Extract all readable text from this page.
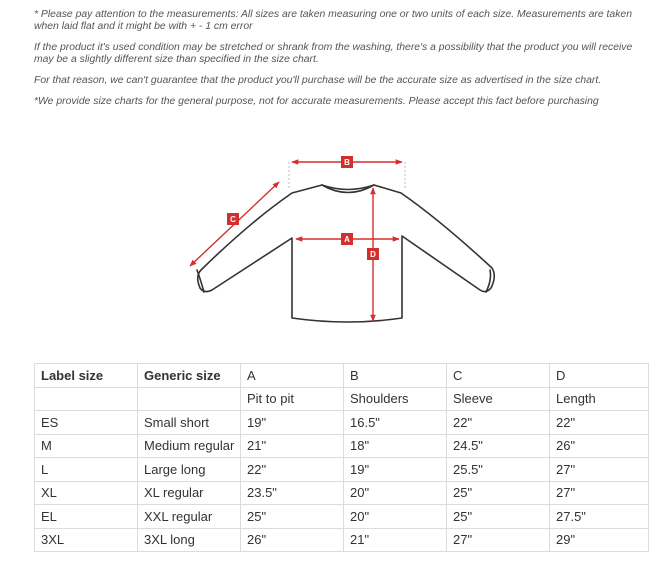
* Please pay attention to the measurements: All sizes are taken measuring one or two units of each size. Measurements are taken when laid flat and it might be with + - 1 cm error

If the product it's used condition may be stretched or shrank from the washing, there's a possibility that the product you will receive may be a slightly different size than specified in the size chart.

For that reason, we can't guarantee that the product you'll purchase will be the accurate size as advertised in the size chart.

*We provide size charts for the general purpose, not for accurate measurements. Please accept this fact before purchasing

B
C
A
D
Label size	Generic size	A	B	C	D
		Pit to pit	Shoulders	Sleeve	Length
ES	Small short	19"	16.5"	22"	22"
M	Medium regular	21"	18"	24.5"	26"
L	Large long	22"	19"	25.5"	27"
XL	XL regular	23.5"	20"	25"	27"
EL	XXL regular	25"	20"	25"	27.5"
3XL	3XL long	26"	21"	27"	29"
